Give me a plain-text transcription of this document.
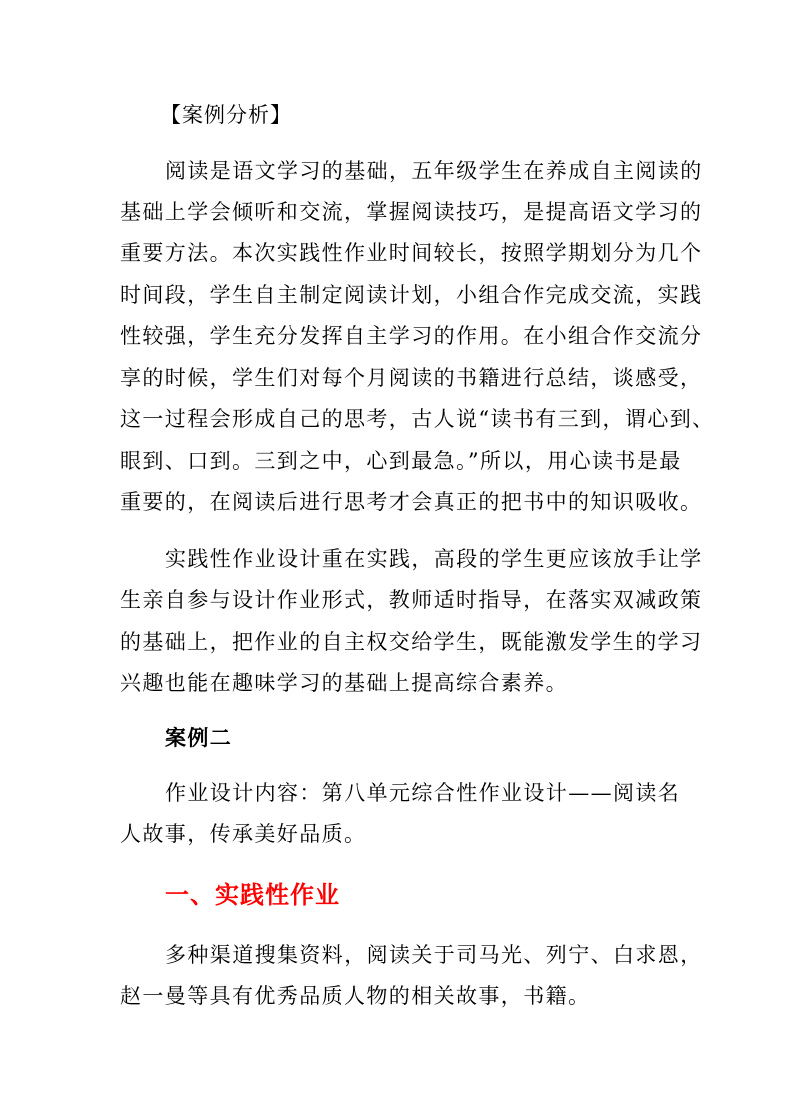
【案例分析】
阅读是语文学习的基础，五年级学生在养成自主阅读的
基础上学会倾听和交流，掌握阅读技巧，是提高语文学习的
重要方法。本次实践性作业时间较长，按照学期划分为几个
时间段，学生自主制定阅读计划，小组合作完成交流，实践
性较强，学生充分发挥自主学习的作用。在小组合作交流分
享的时候，学生们对每个月阅读的书籍进行总结，谈感受，
这一过程会形成自己的思考，古人说“读书有三到，谓心到、
眼到、口到。三到之中，心到最急。”所以，用心读书是最
重要的，在阅读后进行思考才会真正的把书中的知识吸收。
实践性作业设计重在实践，高段的学生更应该放手让学
生亲自参与设计作业形式，教师适时指导，在落实双减政策
的基础上，把作业的自主权交给学生，既能激发学生的学习
兴趣也能在趣味学习的基础上提高综合素养。
案例二
作业设计内容：第八单元综合性作业设计——阅读名
人故事，传承美好品质。
一、实践性作业
多种渠道搜集资料，阅读关于司马光、列宁、白求恩，
赵一曼等具有优秀品质人物的相关故事，书籍。
